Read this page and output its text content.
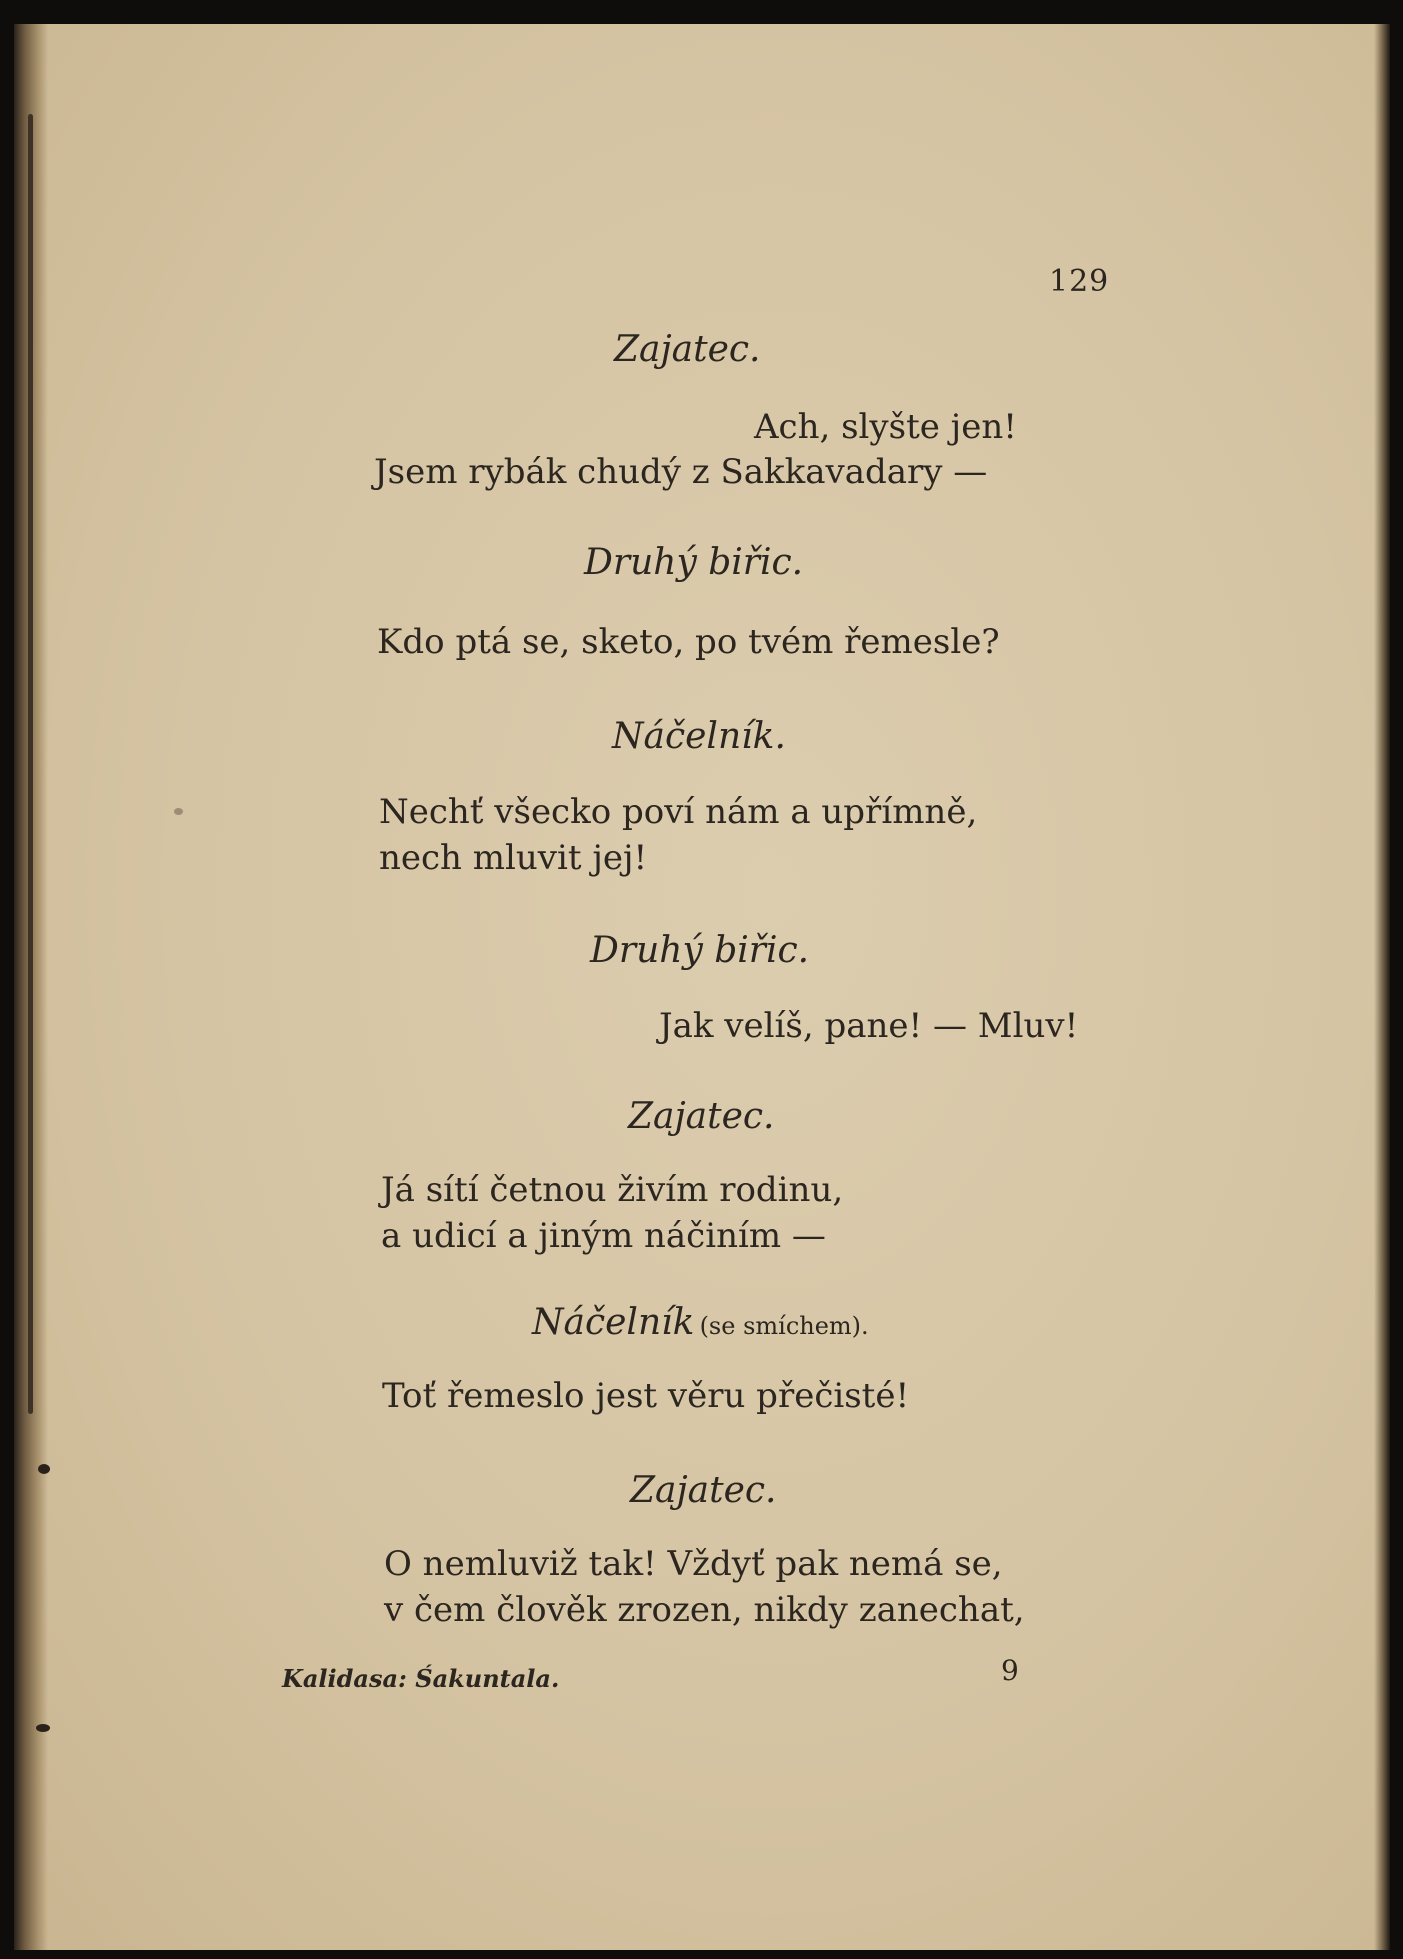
129
Zajatec.
Ach, slyšte jen!
Jsem rybák chudý z Sakkavadary —
Druhý biřic.
Kdo ptá se, sketo, po tvém řemesle?
Náčelník.
Nechť všecko poví nám a upřímně,
nech mluvit jej!
Druhý biřic.
Jak velíš, pane! — Mluv!
Zajatec.
Já sítí četnou živím rodinu,
a udicí a jiným náčiním —
Náčelník (se smíchem).
Toť řemeslo jest věru přečisté!
Zajatec.
O nemluviž tak! Vždyť pak nemá se,
v čem člověk zrozen, nikdy zanechat,
Kalidasa: Śakuntala.	9
